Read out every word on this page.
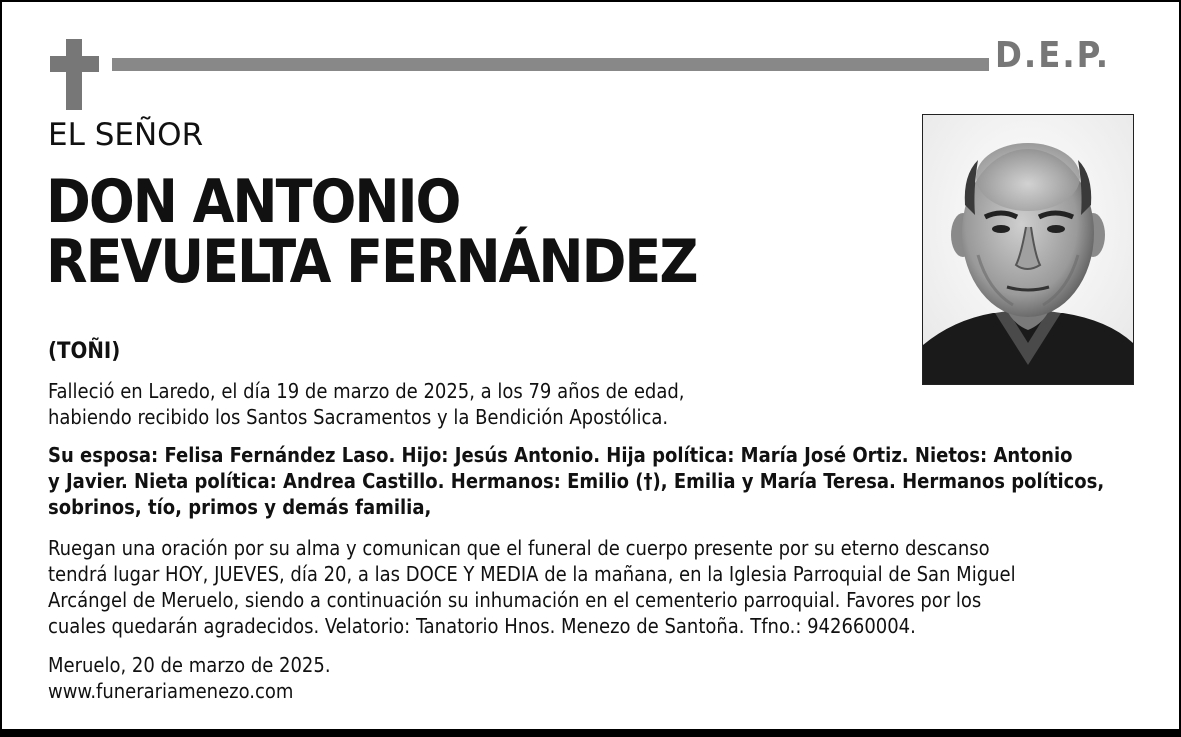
D.E.P.
EL SEÑOR
DON ANTONIO
REVUELTA FERNÁNDEZ
(TOÑI)
Falleció en Laredo, el día 19 de marzo de 2025, a los 79 años de edad,
habiendo recibido los Santos Sacramentos y la Bendición Apostólica.
Su esposa: Felisa Fernández Laso. Hijo: Jesús Antonio. Hija política: María José Ortiz. Nietos: Antonio
y Javier. Nieta política: Andrea Castillo. Hermanos: Emilio (†), Emilia y María Teresa. Hermanos políticos,
sobrinos, tío, primos y demás familia,
Ruegan una oración por su alma y comunican que el funeral de cuerpo presente por su eterno descanso
tendrá lugar HOY, JUEVES, día 20, a las DOCE Y MEDIA de la mañana, en la Iglesia Parroquial de San Miguel
Arcángel de Meruelo, siendo a continuación su inhumación en el cementerio parroquial. Favores por los
cuales quedarán agradecidos. Velatorio: Tanatorio Hnos. Menezo de Santoña. Tfno.: 942660004.
Meruelo, 20 de marzo de 2025.
www.funerariamenezo.com
